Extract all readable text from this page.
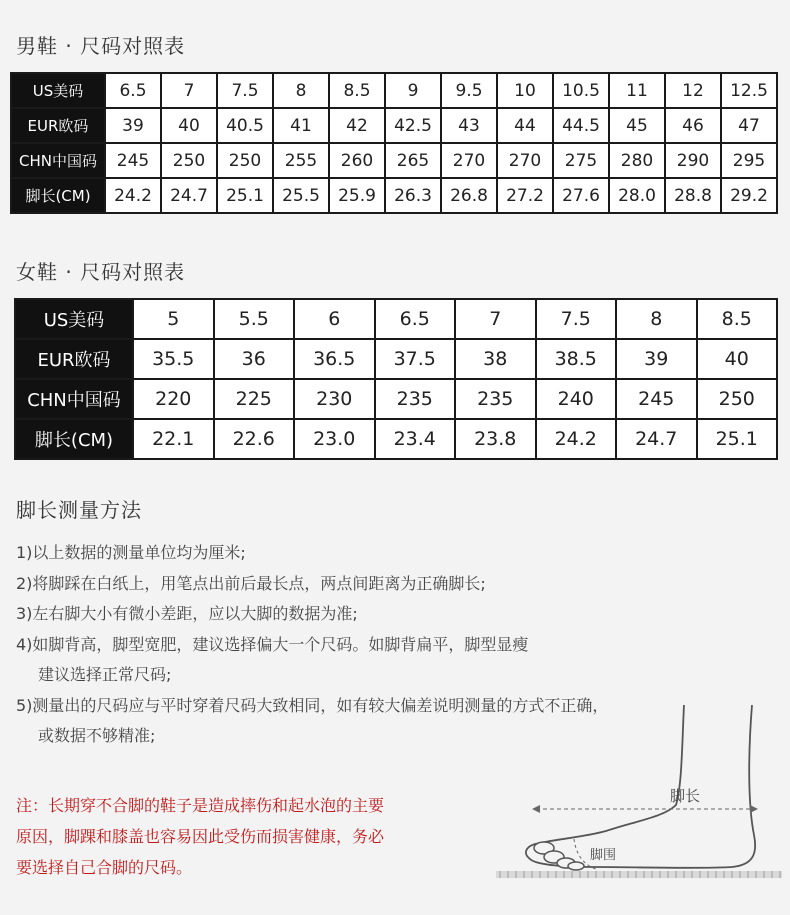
男鞋 · 尺码对照表
US美码	6.5	7	7.5	8	8.5	9	9.5	10	10.5	11	12	12.5
EUR欧码	39	40	40.5	41	42	42.5	43	44	44.5	45	46	47
CHN中国码	245	250	250	255	260	265	270	270	275	280	290	295
脚长(CM)	24.2	24.7	25.1	25.5	25.9	26.3	26.8	27.2	27.6	28.0	28.8	29.2
女鞋 · 尺码对照表
US美码	5	5.5	6	6.5	7	7.5	8	8.5
EUR欧码	35.5	36	36.5	37.5	38	38.5	39	40
CHN中国码	220	225	230	235	235	240	245	250
脚长(CM)	22.1	22.6	23.0	23.4	23.8	24.2	24.7	25.1
脚长测量方法
1)以上数据的测量单位均为厘米;
2)将脚踩在白纸上，用笔点出前后最长点，两点间距离为正确脚长;
3)左右脚大小有微小差距，应以大脚的数据为准;
4)如脚背高，脚型宽肥，建议选择偏大一个尺码。如脚背扁平，脚型显瘦
建议选择正常尺码;
5)测量出的尺码应与平时穿着尺码大致相同，如有较大偏差说明测量的方式不正确，
或数据不够精准;
注：长期穿不合脚的鞋子是造成摔伤和起水泡的主要
原因，脚踝和膝盖也容易因此受伤而损害健康，务必
要选择自己合脚的尺码。
脚长
脚围
